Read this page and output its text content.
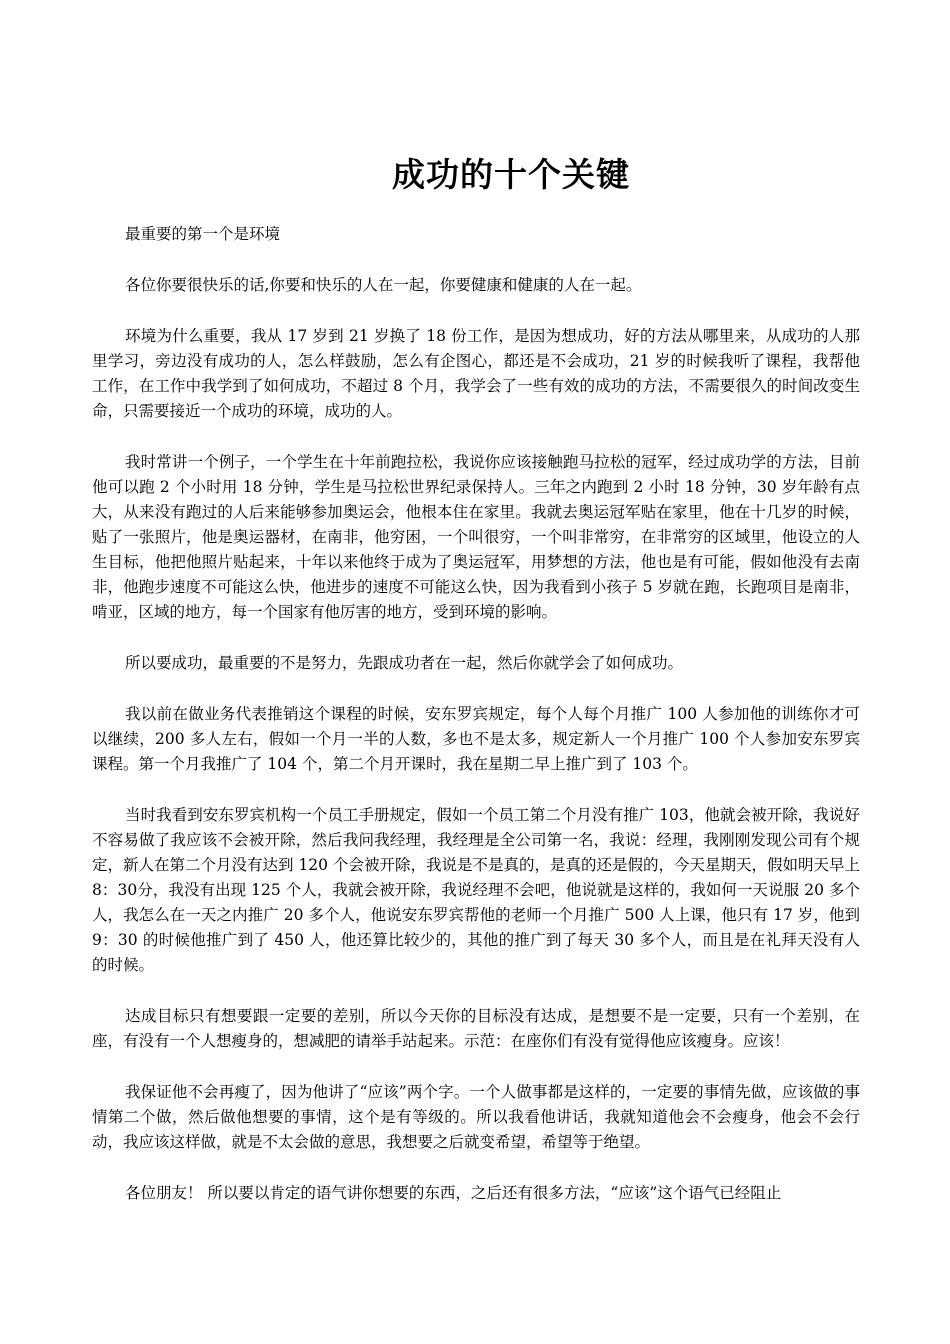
成功的十个关键

最重要的第一个是环境

各位你要很快乐的话,你要和快乐的人在一起，你要健康和健康的人在一起。

环境为什么重要，我从 17 岁到 21 岁换了 18 份工作，是因为想成功，好的方法从哪里来，从成功的人那里学习，旁边没有成功的人，怎么样鼓励，怎么有企图心，都还是不会成功，21 岁的时候我听了课程，我帮他工作，在工作中我学到了如何成功，不超过 8 个月，我学会了一些有效的成功的方法，不需要很久的时间改变生命，只需要接近一个成功的环境，成功的人。

我时常讲一个例子，一个学生在十年前跑拉松，我说你应该接触跑马拉松的冠军，经过成功学的方法，目前他可以跑 2 个小时用 18 分钟，学生是马拉松世界纪录保持人。三年之内跑到 2 小时 18 分钟，30 岁年龄有点大，从来没有跑过的人后来能够参加奥运会，他根本住在家里。我就去奥运冠军贴在家里，他在十几岁的时候，贴了一张照片，他是奥运器材，在南非，他穷困，一个叫很穷，一个叫非常穷，在非常穷的区域里，他设立的人生目标，他把他照片贴起来，十年以来他终于成为了奥运冠军，用梦想的方法，他也是有可能，假如他没有去南非，他跑步速度不可能这么快，他进步的速度不可能这么快，因为我看到小孩子 5 岁就在跑，长跑项目是南非，啃亚，区域的地方，每一个国家有他厉害的地方，受到环境的影响。

所以要成功，最重要的不是努力，先跟成功者在一起，然后你就学会了如何成功。

我以前在做业务代表推销这个课程的时候，安东罗宾规定，每个人每个月推广 100 人参加他的训练你才可以继续，200 多人左右，假如一个月一半的人数，多也不是太多，规定新人一个月推广 100 个人参加安东罗宾课程。第一个月我推广了 104 个，第二个月开课时，我在星期二早上推广到了 103 个。

当时我看到安东罗宾机构一个员工手册规定，假如一个员工第二个月没有推广 103，他就会被开除，我说好不容易做了我应该不会被开除，然后我问我经理，我经理是全公司第一名，我说：经理，我刚刚发现公司有个规定，新人在第二个月没有达到 120 个会被开除，我说是不是真的，是真的还是假的，今天星期天，假如明天早上 8：30分，我没有出现 125 个人，我就会被开除，我说经理不会吧，他说就是这样的，我如何一天说服 20 多个人，我怎么在一天之内推广 20 多个人，他说安东罗宾帮他的老师一个月推广 500 人上课，他只有 17 岁，他到 9：30 的时候他推广到了 450 人，他还算比较少的，其他的推广到了每天 30 多个人，而且是在礼拜天没有人的时候。

达成目标只有想要跟一定要的差别，所以今天你的目标没有达成，是想要不是一定要，只有一个差别，在座，有没有一个人想瘦身的，想减肥的请举手站起来。示范：在座你们有没有觉得他应该瘦身。应该！

我保证他不会再瘦了，因为他讲了“应该”两个字。一个人做事都是这样的，一定要的事情先做，应该做的事情第二个做，然后做他想要的事情，这个是有等级的。所以我看他讲话，我就知道他会不会瘦身，他会不会行动，我应该这样做，就是不太会做的意思，我想要之后就变希望，希望等于绝望。

各位朋友！ 所以要以肯定的语气讲你想要的东西，之后还有很多方法，“应该”这个语气已经阻止
